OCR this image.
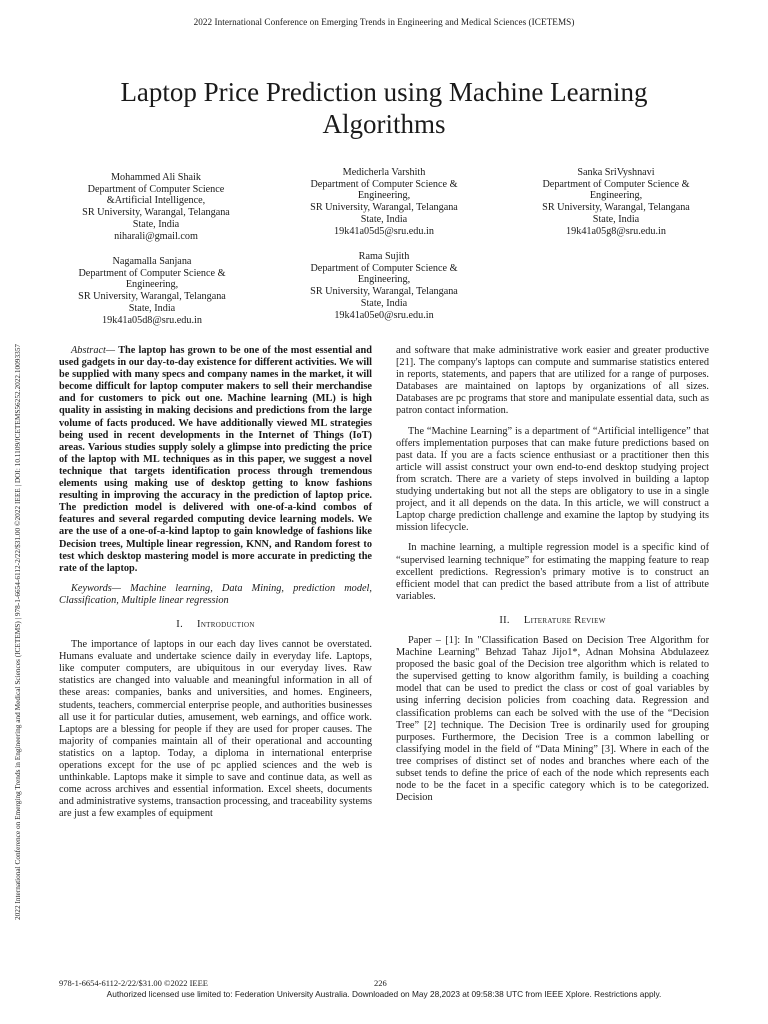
2022 International Conference on Emerging Trends in Engineering and Medical Sciences (ICETEMS)
2022 International Conference on Emerging Trends in Engineering and Medical Sciences (ICETEMS) | 978-1-6654-6112-2/22/$31.00 ©2022 IEEE | DOI: 10.1109/ICETEMS56252.2022.10093357
Laptop Price Prediction using Machine Learning
Algorithms
Mohammed Ali Shaik
Department of Computer Science
&Artificial Intelligence,
SR University, Warangal, Telangana
State, India
niharali@gmail.com
Medicherla Varshith
Department of Computer Science &
Engineering,
SR University, Warangal, Telangana
State, India
19k41a05d5@sru.edu.in
Sanka SriVyshnavi
Department of Computer Science &
Engineering,
SR University, Warangal, Telangana
State, India
19k41a05g8@sru.edu.in
Nagamalla Sanjana
Department of Computer Science &
Engineering,
SR University, Warangal, Telangana
State, India
19k41a05d8@sru.edu.in
Rama Sujith
Department of Computer Science &
Engineering,
SR University, Warangal, Telangana
State, India
19k41a05e0@sru.edu.in

Abstract— The laptop has grown to be one of the most essential and used gadgets in our day-to-day existence for different activities. We will be supplied with many specs and company names in the market, it will become difficult for laptop computer makers to sell their merchandise and for customers to pick out one. Machine learning (ML) is high quality in assisting in making decisions and predictions from the large volume of facts produced. We have additionally viewed ML strategies being used in recent developments in the Internet of Things (IoT) areas. Various studies supply solely a glimpse into predicting the price of the laptop with ML techniques as in this paper, we suggest a novel technique that targets identification process through tremendous elements using making use of desktop getting to know fashions resulting in improving the accuracy in the prediction of laptop price. The prediction model is delivered with one-of-a-kind combos of features and several regarded computing device learning models. We are the use of a one-of-a-kind laptop to gain knowledge of fashions like Decision trees, Multiple linear regression, KNN, and Random forest to test which desktop mastering model is more accurate in predicting the rate of the laptop.

Keywords— Machine learning, Data Mining, prediction model, Classification, Multiple linear regression

I. Introduction

The importance of laptops in our each day lives cannot be overstated. Humans evaluate and undertake science daily in everyday life. Laptops, like computer computers, are ubiquitous in our everyday lives. Raw statistics are changed into valuable and meaningful information in all of these areas: companies, banks and universities, and homes. Engineers, students, teachers, commercial enterprise people, and authorities businesses all use it for particular duties, amusement, web earnings, and office work. Laptops are a blessing for people if they are used for proper causes. The majority of companies maintain all of their operational and accounting statistics on a laptop. Today, a diploma in international enterprise operations except for the use of pc applied sciences and the web is unthinkable. Laptops make it simple to save and continue data, as well as come across archives and essential information. Excel sheets, documents and administrative systems, transaction processing, and traceability systems are just a few examples of equipment

and software that make administrative work easier and greater productive [21]. The company's laptops can compute and summarise statistics entered in reports, statements, and papers that are utilized for a range of purposes. Databases are maintained on laptops by organizations of all sizes. Databases are pc programs that store and manipulate essential data, such as patron contact information.

The “Machine Learning” is a department of “Artificial intelligence” that offers implementation purposes that can make future predictions based on past data. If you are a facts science enthusiast or a practitioner then this article will assist construct your own end-to-end desktop studying project from scratch. There are a variety of steps involved in building a laptop studying undertaking but not all the steps are obligatory to use in a single project, and it all depends on the data. In this article, we will construct a Laptop charge prediction challenge and examine the laptop by studying its mission lifecycle.

In machine learning, a multiple regression model is a specific kind of “supervised learning technique” for estimating the mapping feature to reap excellent predictions. Regression's primary motive is to construct an efficient model that can predict the based attribute from a list of attribute variables.

II. Literature Review

Paper – [1]: In "Classification Based on Decision Tree Algorithm for Machine Learning" Behzad Tahaz Jijo1*, Adnan Mohsina Abdulazeez proposed the basic goal of the Decision tree algorithm which is related to the supervised getting to know algorithm family, is building a coaching model that can be used to predict the class or cost of goal variables by using inferring decision policies from coaching data. Regression and classification problems can each be solved with the use of the “Decision Tree” [2] technique. The Decision Tree is ordinarily used for grouping purposes. Furthermore, the Decision Tree is a common labelling or classifying model in the field of “Data Mining” [3]. Where in each of the tree comprises of distinct set of nodes and branches where each of the subset tends to define the price of each of the node which represents each node to be the facet in a specific category which is to be categorized. Decision

978-1-6654-6112-2/22/$31.00 ©2022 IEEE	226
Authorized licensed use limited to: Federation University Australia. Downloaded on May 28,2023 at 09:58:38 UTC from IEEE Xplore. Restrictions apply.
